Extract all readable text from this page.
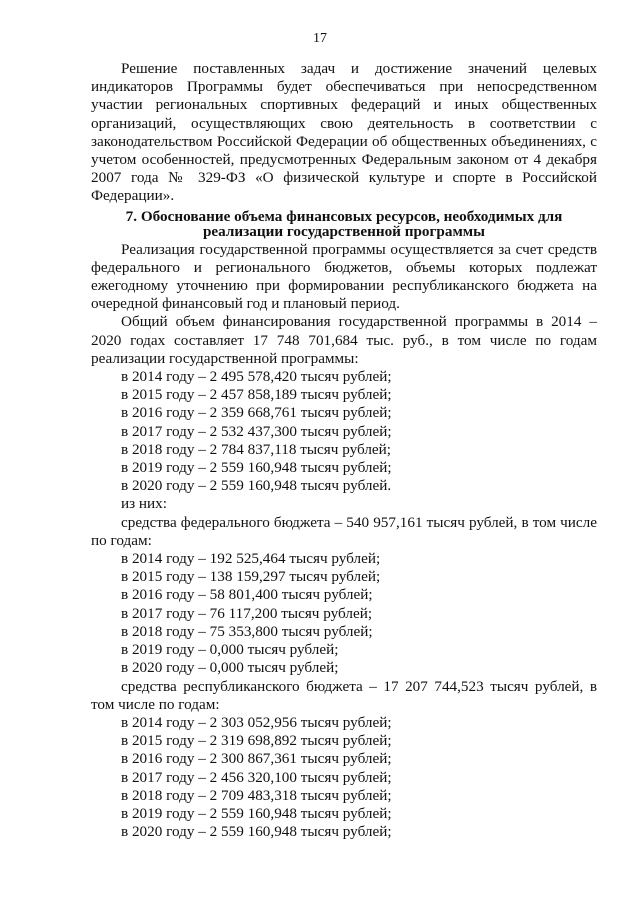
17

Решение поставленных задач и достижение значений целевых индикаторов Программы будет обеспечиваться при непосредственном участии региональных спортивных федераций и иных общественных организаций, осуществляющих свою деятельность в соответствии с законодательством Российской Федерации об общественных объединениях, с учетом особенностей, предусмотренных Федеральным законом от 4 декабря 2007 года № 329-ФЗ «О физической культуре и спорте в Российской Федерации».

7. Обоснование объема финансовых ресурсов, необходимых для
реализации государственной программы

Реализация государственной программы осуществляется за счет средств федерального и регионального бюджетов, объемы которых подлежат ежегодному уточнению при формировании республиканского бюджета на очередной финансовый год и плановый период.

Общий объем финансирования государственной программы в 2014 – 2020 годах составляет 17 748 701,684 тыс. руб., в том числе по годам реализации государственной программы:

в 2014 году – 2 495 578,420 тысяч рублей;
в 2015 году – 2 457 858,189 тысяч рублей;
в 2016 году – 2 359 668,761 тысяч рублей;
в 2017 году – 2 532 437,300 тысяч рублей;
в 2018 году – 2 784 837,118 тысяч рублей;
в 2019 году – 2 559 160,948 тысяч рублей;
в 2020 году – 2 559 160,948 тысяч рублей.
из них:

средства федерального бюджета – 540 957,161 тысяч рублей, в том числе по годам:

в 2014 году – 192 525,464 тысяч рублей;
в 2015 году – 138 159,297 тысяч рублей;
в 2016 году – 58 801,400 тысяч рублей;
в 2017 году – 76 117,200 тысяч рублей;
в 2018 году – 75 353,800 тысяч рублей;
в 2019 году – 0,000 тысяч рублей;
в 2020 году – 0,000 тысяч рублей;

средства республиканского бюджета – 17 207 744,523 тысяч рублей, в том числе по годам:

в 2014 году – 2 303 052,956 тысяч рублей;
в 2015 году – 2 319 698,892 тысяч рублей;
в 2016 году – 2 300 867,361 тысяч рублей;
в 2017 году – 2 456 320,100 тысяч рублей;
в 2018 году – 2 709 483,318 тысяч рублей;
в 2019 году – 2 559 160,948 тысяч рублей;
в 2020 году – 2 559 160,948 тысяч рублей;
